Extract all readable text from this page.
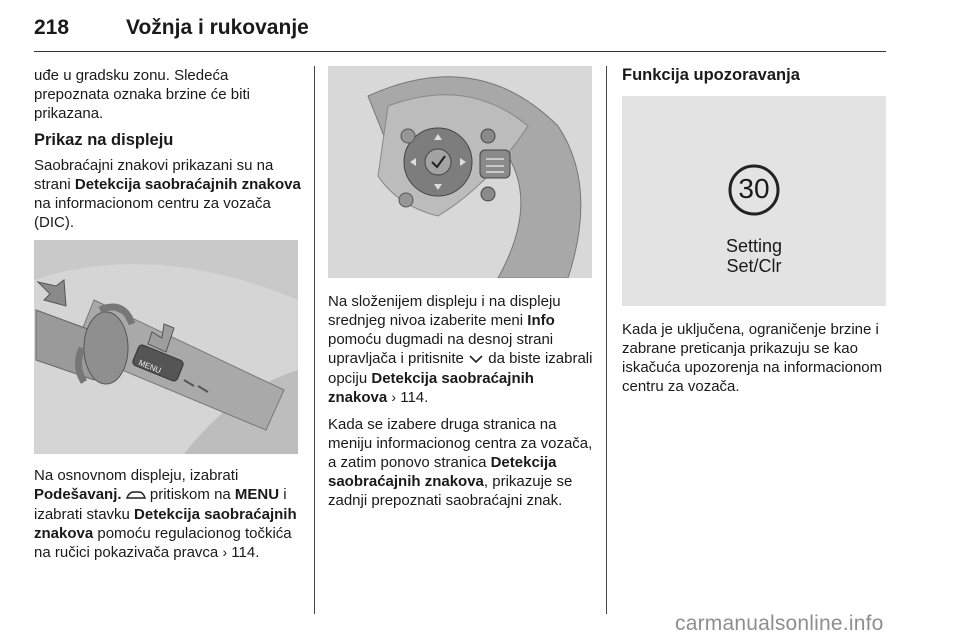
218	Vožnja i rukovanje

uđe u gradsku zonu. Sledeća prepoznata oznaka brzine će biti prikazana.

Prikaz na displeju

Saobraćajni znakovi prikazani su na strani Detekcija saobraćajnih znakova na informacionom centru za vozača (DIC).

MENU

Na osnovnom displeju, izabrati Podešavanj.  pritiskom na MENU i izabrati stavku Detekcija saobraćajnih znakova pomoću regulacionog točkića na ručici pokazivača pravca › 114.

Na složenijem displeju i na displeju srednjeg nivoa izaberite meni Info pomoću dugmadi na desnoj strani upravljača i pritisnite  da biste izabrali opciju Detekcija saobraćajnih znakova › 114.

Kada se izabere druga stranica na meniju informacionog centra za vozača, a zatim ponovo stranica Detekcija saobraćajnih znakova, prikazuje se zadnji prepoznati saobraćajni znak.

Funkcija upozoravanja
30
Setting
Set/Clr

Kada je uključena, ograničenje brzine i zabrane preticanja prikazuju se kao iskačuća upozorenja na informacionom centru za vozača.

carmanualsonline.info
